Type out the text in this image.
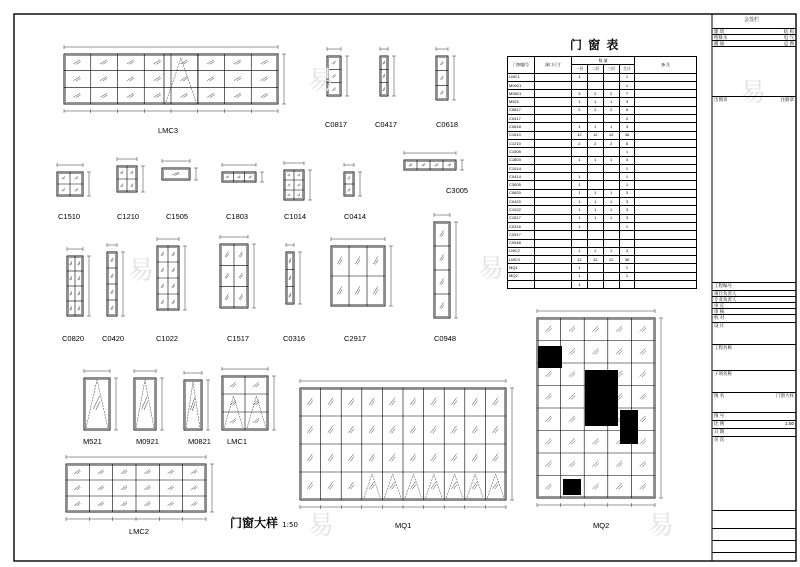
易
易	易
易	易
易
LMC3
C0817	C0417	C0618
C1510	C1210	C1505	C1803	C1014	C0414
C3005
C0820 C0420	C1022	C1517	C0316	C2917	C0948
M521	M0921	M0821 LMC1
LMC2
MQ1	MQ2
门窗大样 1:50
门 窗 表
门窗编号	洞口尺寸	数 量				备 注
		一层	二层	三层	合计	
LMC1		1			1	
M0921					1	
M0821		3	2	2	7	
M521		1	1	1	3	
C0817		2	2	2	6	
C0417					2	
C0618		1	1	1	3	
C1510		12	12	12	36	
C1210		2	2	2	6	
C1505					1	
C1803		1	1	1	3	
C1014					1	
C0414		1			1	
C3005		1			1	
C0820		1	1	1	3	
C0420		1	1	1	3	
C1022		1	1	1	3	
C1517		1	1	1	3	
C0316		1			1	
C2917						
C0948						
LMC2		1	1	1	3	
LMC3		12	12	12	36	
MQ1		1			1	
MQ2		1			1	
		1				
会签栏
建 筑	结 构
给排水	电 气
暖 通	总 图
出图章	注册章
工程编号
项目负责人
专业负责人
审 定
审 核
校 对
设 计
工程名称
子项名称
图 名	门窗大样
图 号
比 例	1:50
日 期
页 次
